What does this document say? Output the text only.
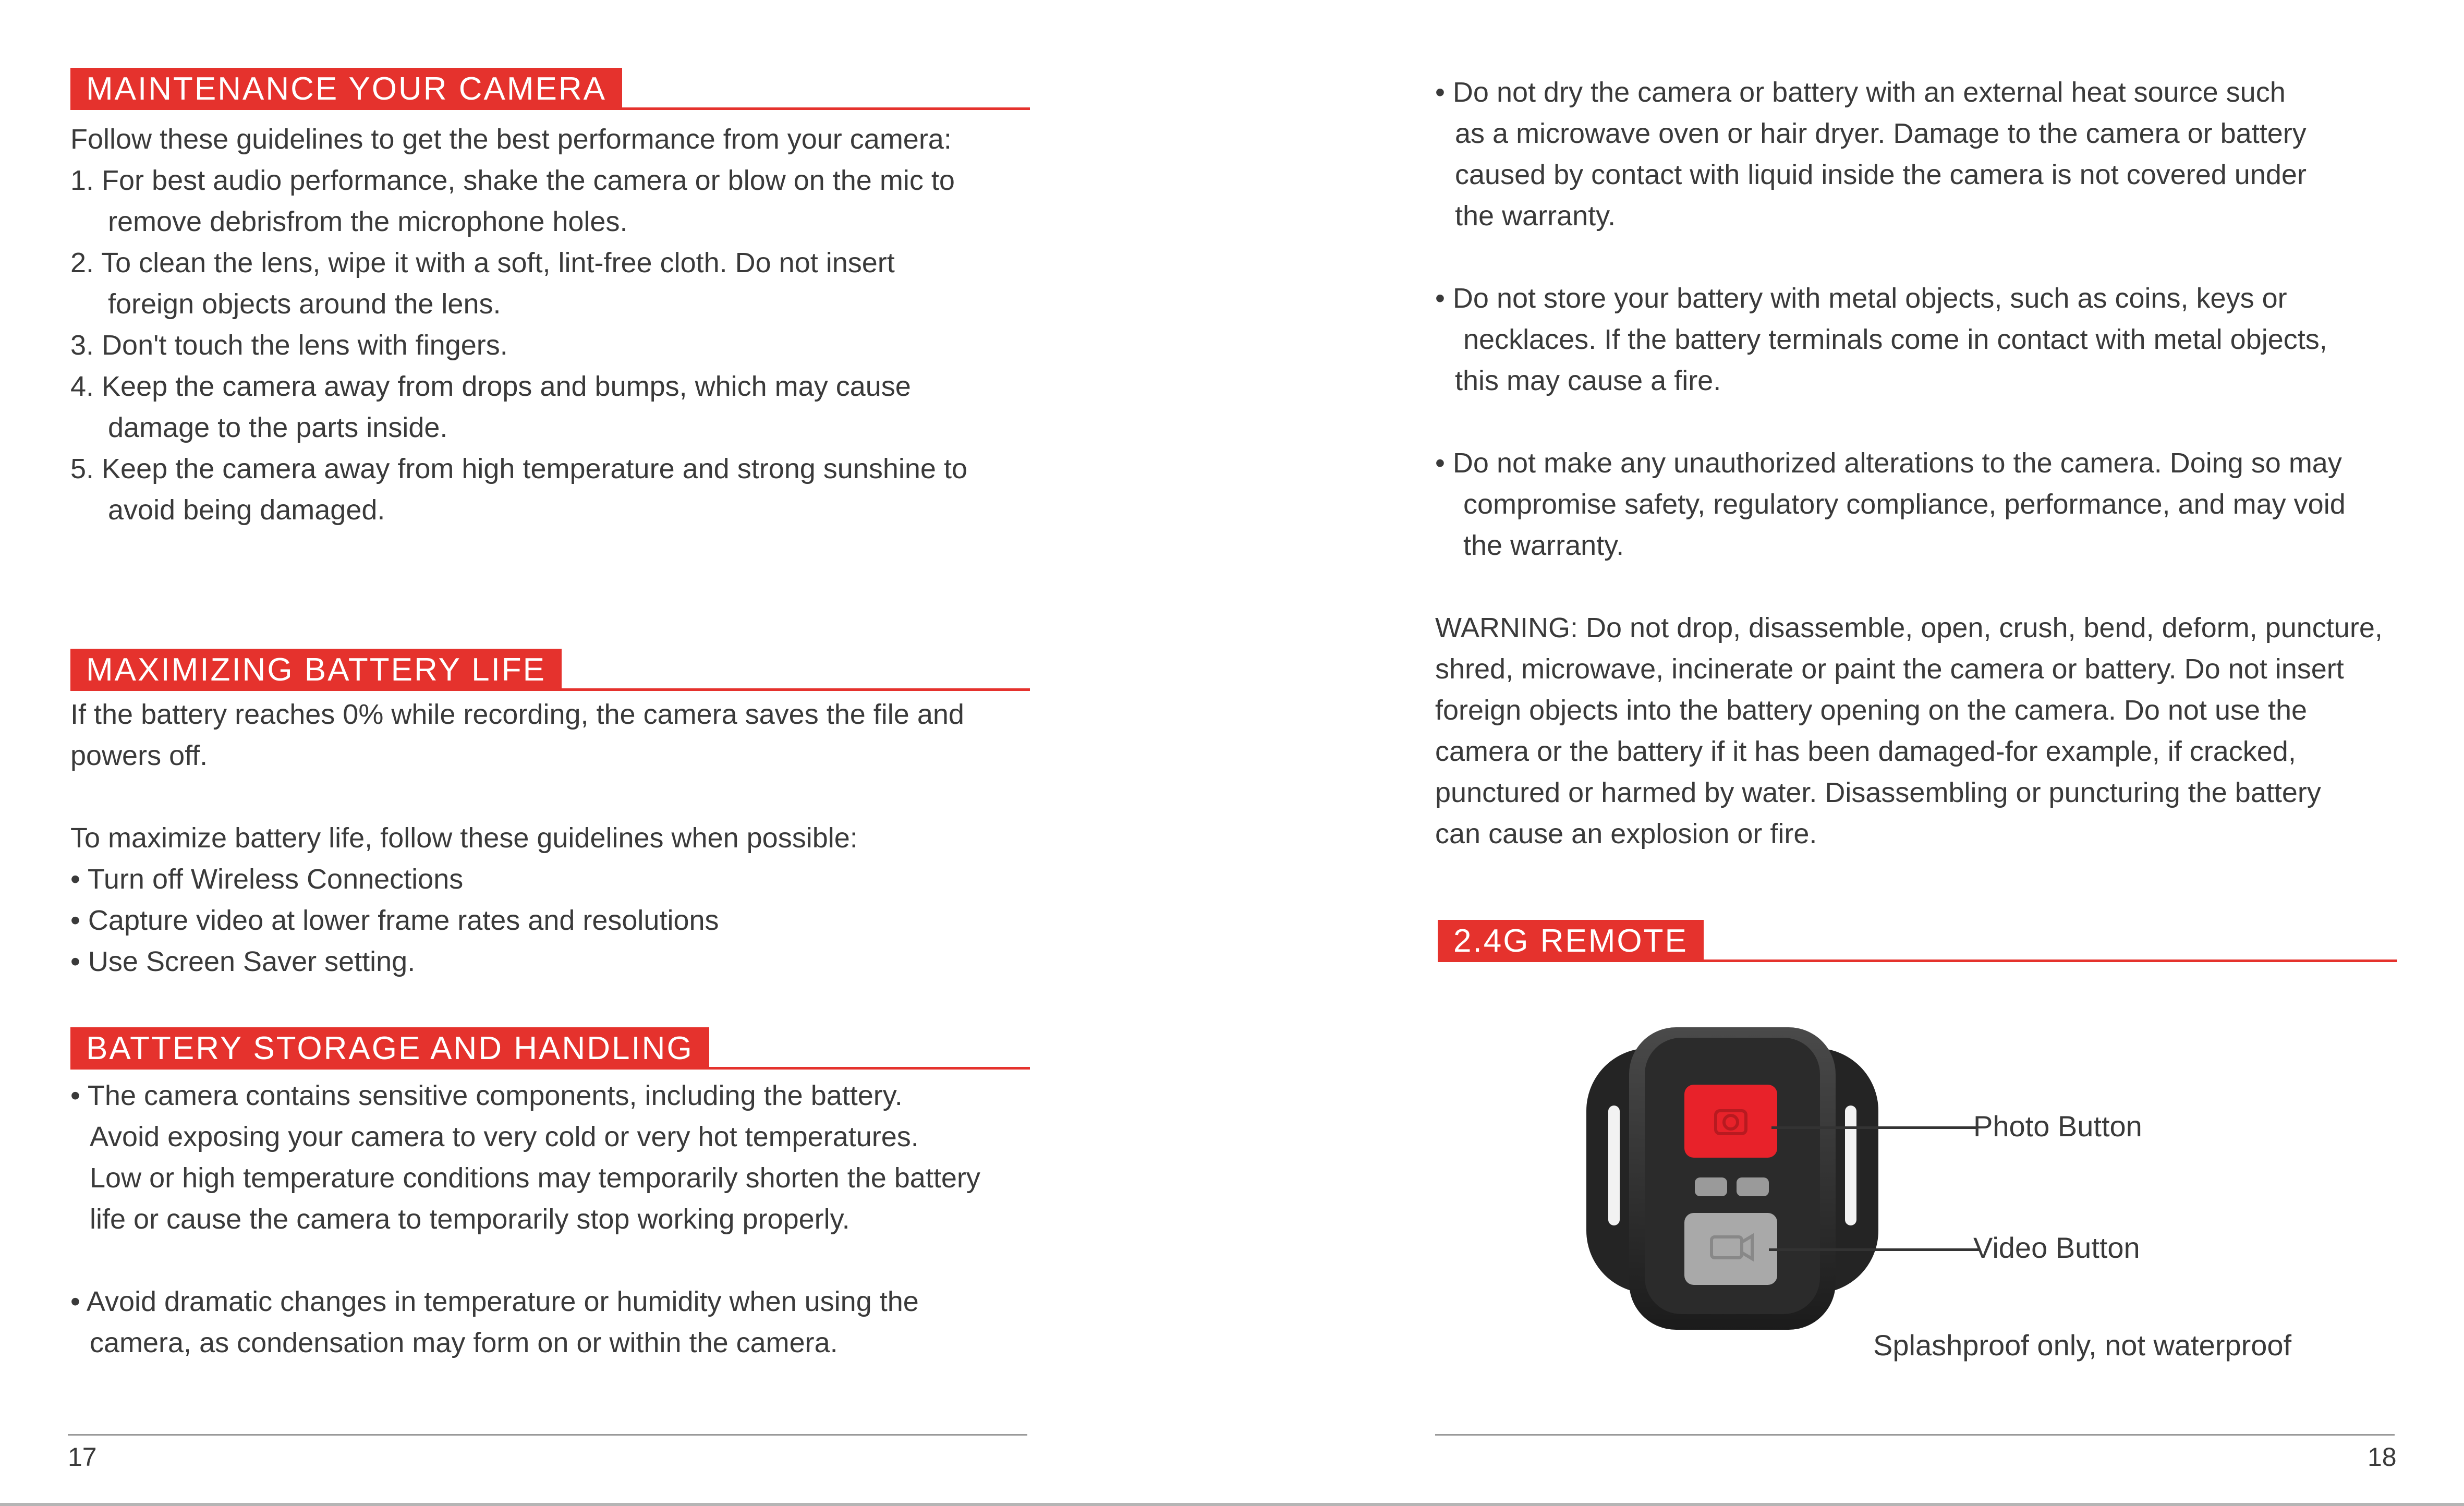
MAINTENANCE YOUR CAMERA
Follow these guidelines to get the best performance from your camera:
1. For best audio performance, shake the camera or blow on the mic to
remove debrisfrom the microphone holes.
2. To clean the lens, wipe it with a soft, lint-free cloth. Do not insert
foreign objects around the lens.
3. Don't touch the lens with fingers.
4. Keep the camera away from drops and bumps, which may cause
damage to the parts inside.
5. Keep the camera away from high temperature and strong sunshine to
avoid being damaged.
MAXIMIZING BATTERY LIFE
If the battery reaches 0% while recording, the camera saves the file and
powers off.
To maximize battery life, follow these guidelines when possible:
• Turn off Wireless Connections
• Capture video at lower frame rates and resolutions
• Use Screen Saver setting.
BATTERY STORAGE AND HANDLING
• The camera contains sensitive components, including the battery.
Avoid exposing your camera to very cold or very hot temperatures.
Low or high temperature conditions may temporarily shorten the battery
life or cause the camera to temporarily stop working properly.
• Avoid dramatic changes in temperature or humidity when using the
camera, as condensation may form on or within the camera.
17
• Do not dry the camera or battery with an external heat source such
as a microwave oven or hair dryer. Damage to the camera or battery
caused by contact with liquid inside the camera is not covered under
the warranty.
• Do not store your battery with metal objects, such as coins, keys or
necklaces. If the battery terminals come in contact with metal objects,
this may cause a fire.
• Do not make any unauthorized alterations to the camera. Doing so may
compromise safety, regulatory compliance, performance, and may void
the warranty.
WARNING: Do not drop, disassemble, open, crush, bend, deform, puncture,
shred, microwave, incinerate or paint the camera or battery. Do not insert
foreign objects into the battery opening on the camera. Do not use the
camera or the battery if it has been damaged-for example, if cracked,
punctured or harmed by water. Disassembling or puncturing the battery
can cause an explosion or fire.
2.4G REMOTE
Photo Button
Video Button
Splashproof only, not waterproof
18
